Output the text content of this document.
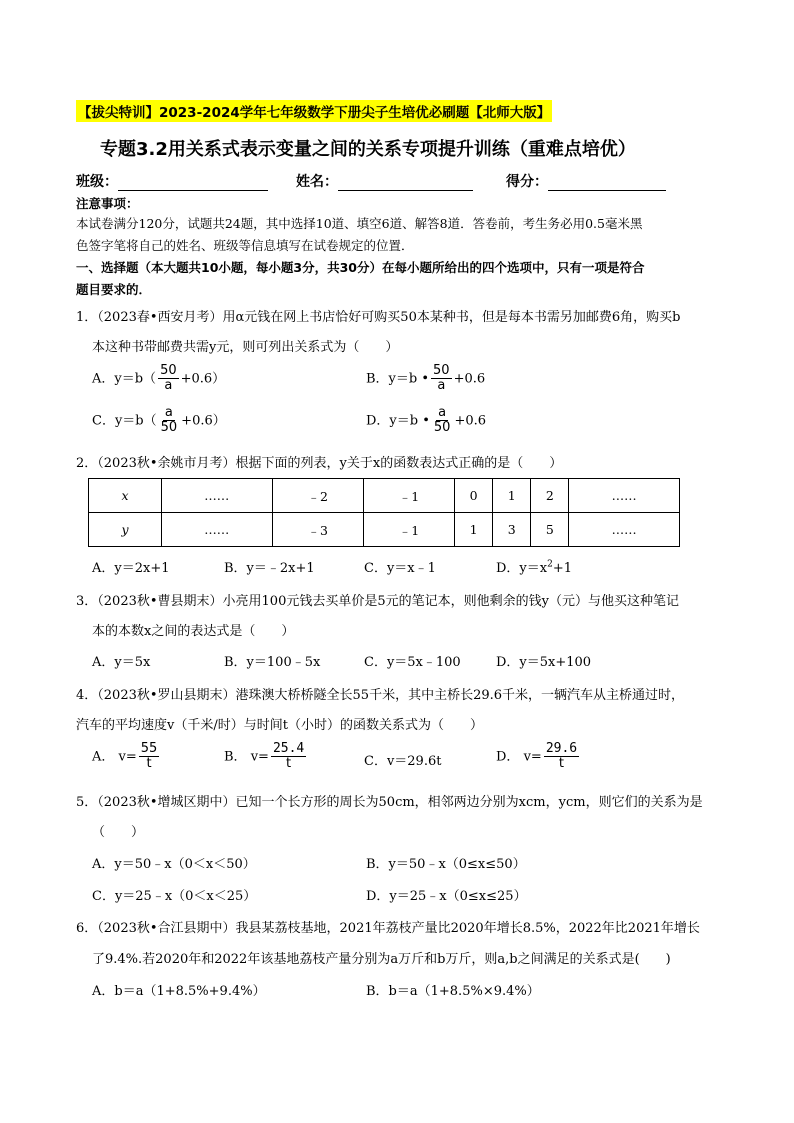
【拔尖特训】2023-2024学年七年级数学下册尖子生培优必刷题【北师大版】
专题3.2用关系式表示变量之间的关系专项提升训练（重难点培优）
班级：	姓名：	得分：
注意事项：
本试卷满分120分，试题共24题，其中选择10道、填空6道、解答8道．答卷前，考生务必用0.5毫米黑
色签字笔将自己的姓名、班级等信息填写在试卷规定的位置．
一、选择题（本大题共10小题，每小题3分，共30分）在每小题所给出的四个选项中，只有一项是符合
题目要求的．
1．（2023春•西安月考）用α元钱在网上书店恰好可购买50本某种书，但是每本书需另加邮费6角，购买b
本这种书带邮费共需y元，则可列出关系式为（　　）
A．$y=b( \frac{50}{a} +0.6)$	B．y＝b • $\frac{50}{a} +0.6$
C．$y=b( \frac{a}{50} +0.6)$	D．y＝b • $\frac{a}{50} +0.6$
2．（2023秋•余姚市月考）根据下面的列表，y关于x的函数表达式正确的是（　　）
x	……	﹣2	﹣1	0	1	2	……
y	……	﹣3	﹣1	1	3	5	……
A．y＝2x+1	B．y＝﹣2x+1	C．y＝x﹣1	D．$y=x^2+1$
3．（2023秋•曹县期末）小亮用100元钱去买单价是5元的笔记本，则他剩余的钱y（元）与他买这种笔记
本的本数x之间的表达式是（　　）
A．y＝5x	B．y＝100﹣5x	C．y＝5x﹣100	D．y＝5x+100
4．（2023秋•罗山县期末）港珠澳大桥桥隧全长55千米，其中主桥长29.6千米，一辆汽车从主桥通过时，
汽车的平均速度v（千米/时）与时间t（小时）的函数关系式为（　　）
A． $v= \frac{55}{t}$	B． $v= \frac{25.4}{t}$	C．v＝29.6t	D． $v= \frac{29.6}{t}$
5．（2023秋•增城区期中）已知一个长方形的周长为50cm，相邻两边分别为xcm，ycm，则它们的关系为是
（　　）
A．y＝50﹣x（0＜x＜50）	B．y＝50﹣x（0≤x≤50）
C．y＝25﹣x（0＜x＜25）	D．y＝25﹣x（0≤x≤25）
6．（2023秋•合江县期中）我县某荔枝基地，2021年荔枝产量比2020年增长8.5%，2022年比2021年增长
了9.4%.若2020年和2022年该基地荔枝产量分别为a万斤和b万斤，则a,b之间满足的关系式是(　　)
A．b＝a（1+8.5%+9.4%）	B．b＝a（1+8.5%×9.4%）
